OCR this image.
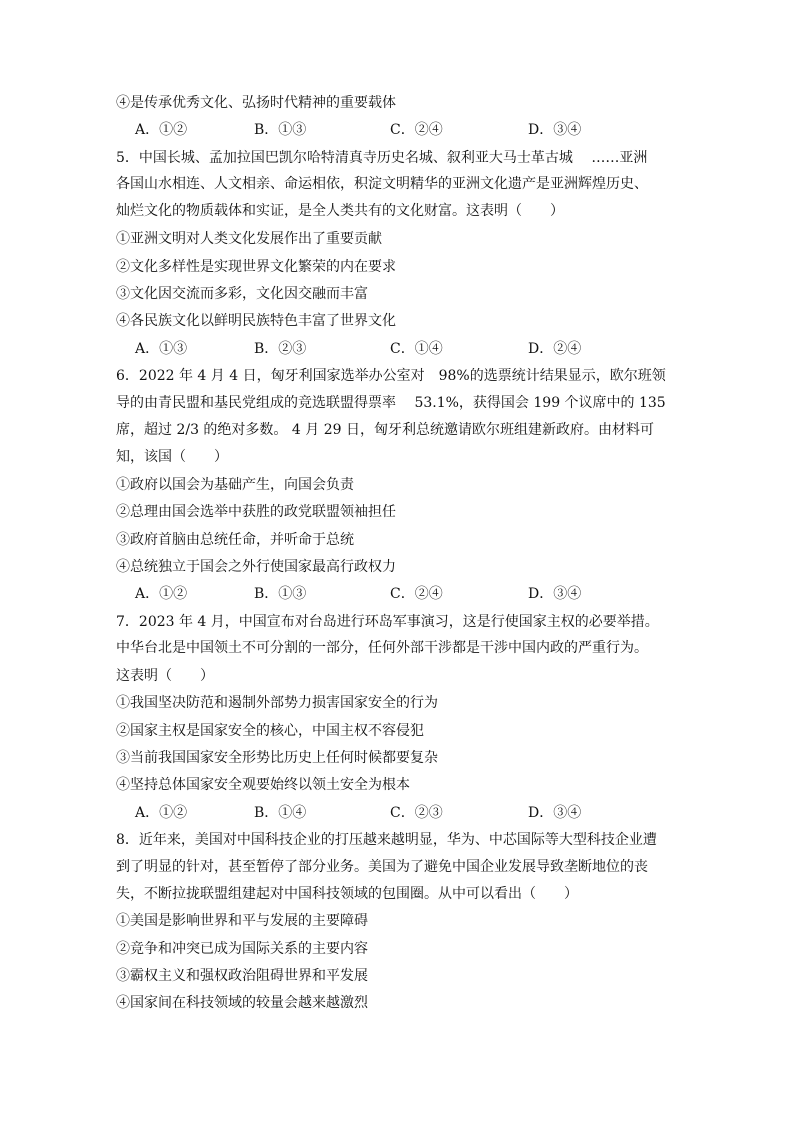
④是传承优秀文化、弘扬时代精神的重要载体
A．①②	B．①③	C．②④	D．③④
5．中国长城、孟加拉国巴凯尔哈特清真寺历史名城、叙利亚大马士革古城　 ……亚洲
各国山水相连、人文相亲、命运相依，积淀文明精华的亚洲文化遗产是亚洲辉煌历史、
灿烂文化的物质载体和实证，是全人类共有的文化财富。这表明（　　）
①亚洲文明对人类文化发展作出了重要贡献
②文化多样性是实现世界文化繁荣的内在要求
③文化因交流而多彩，文化因交融而丰富
④各民族文化以鲜明民族特色丰富了世界文化
A．①③	B．②③	C．①④	D．②④
6．2022 年 4 月 4 日，匈牙利国家选举办公室对　98%的选票统计结果显示，欧尔班领
导的由青民盟和基民党组成的竞选联盟得票率　 53.1%，获得国会 199 个议席中的 135
席，超过 2/3 的绝对多数。 4 月 29 日，匈牙利总统邀请欧尔班组建新政府。由材料可
知，该国（　　）
①政府以国会为基础产生，向国会负责
②总理由国会选举中获胜的政党联盟领袖担任
③政府首脑由总统任命，并听命于总统
④总统独立于国会之外行使国家最高行政权力
A．①②	B．①③	C．②④	D．③④
7．2023 年 4 月，中国宣布对台岛进行环岛军事演习，这是行使国家主权的必要举措。
中华台北是中国领土不可分割的一部分，任何外部干涉都是干涉中国内政的严重行为。
这表明（　　）
①我国坚决防范和遏制外部势力损害国家安全的行为
②国家主权是国家安全的核心，中国主权不容侵犯
③当前我国国家安全形势比历史上任何时候都要复杂
④坚持总体国家安全观要始终以领土安全为根本
A．①②	B．①④	C．②③	D．③④
8．近年来，美国对中国科技企业的打压越来越明显，华为、中芯国际等大型科技企业遭
到了明显的针对，甚至暂停了部分业务。美国为了避免中国企业发展导致垄断地位的丧
失，不断拉拢联盟组建起对中国科技领域的包围圈。从中可以看出（　　）
①美国是影响世界和平与发展的主要障碍
②竞争和冲突已成为国际关系的主要内容
③霸权主义和强权政治阻碍世界和平发展
④国家间在科技领域的较量会越来越激烈
